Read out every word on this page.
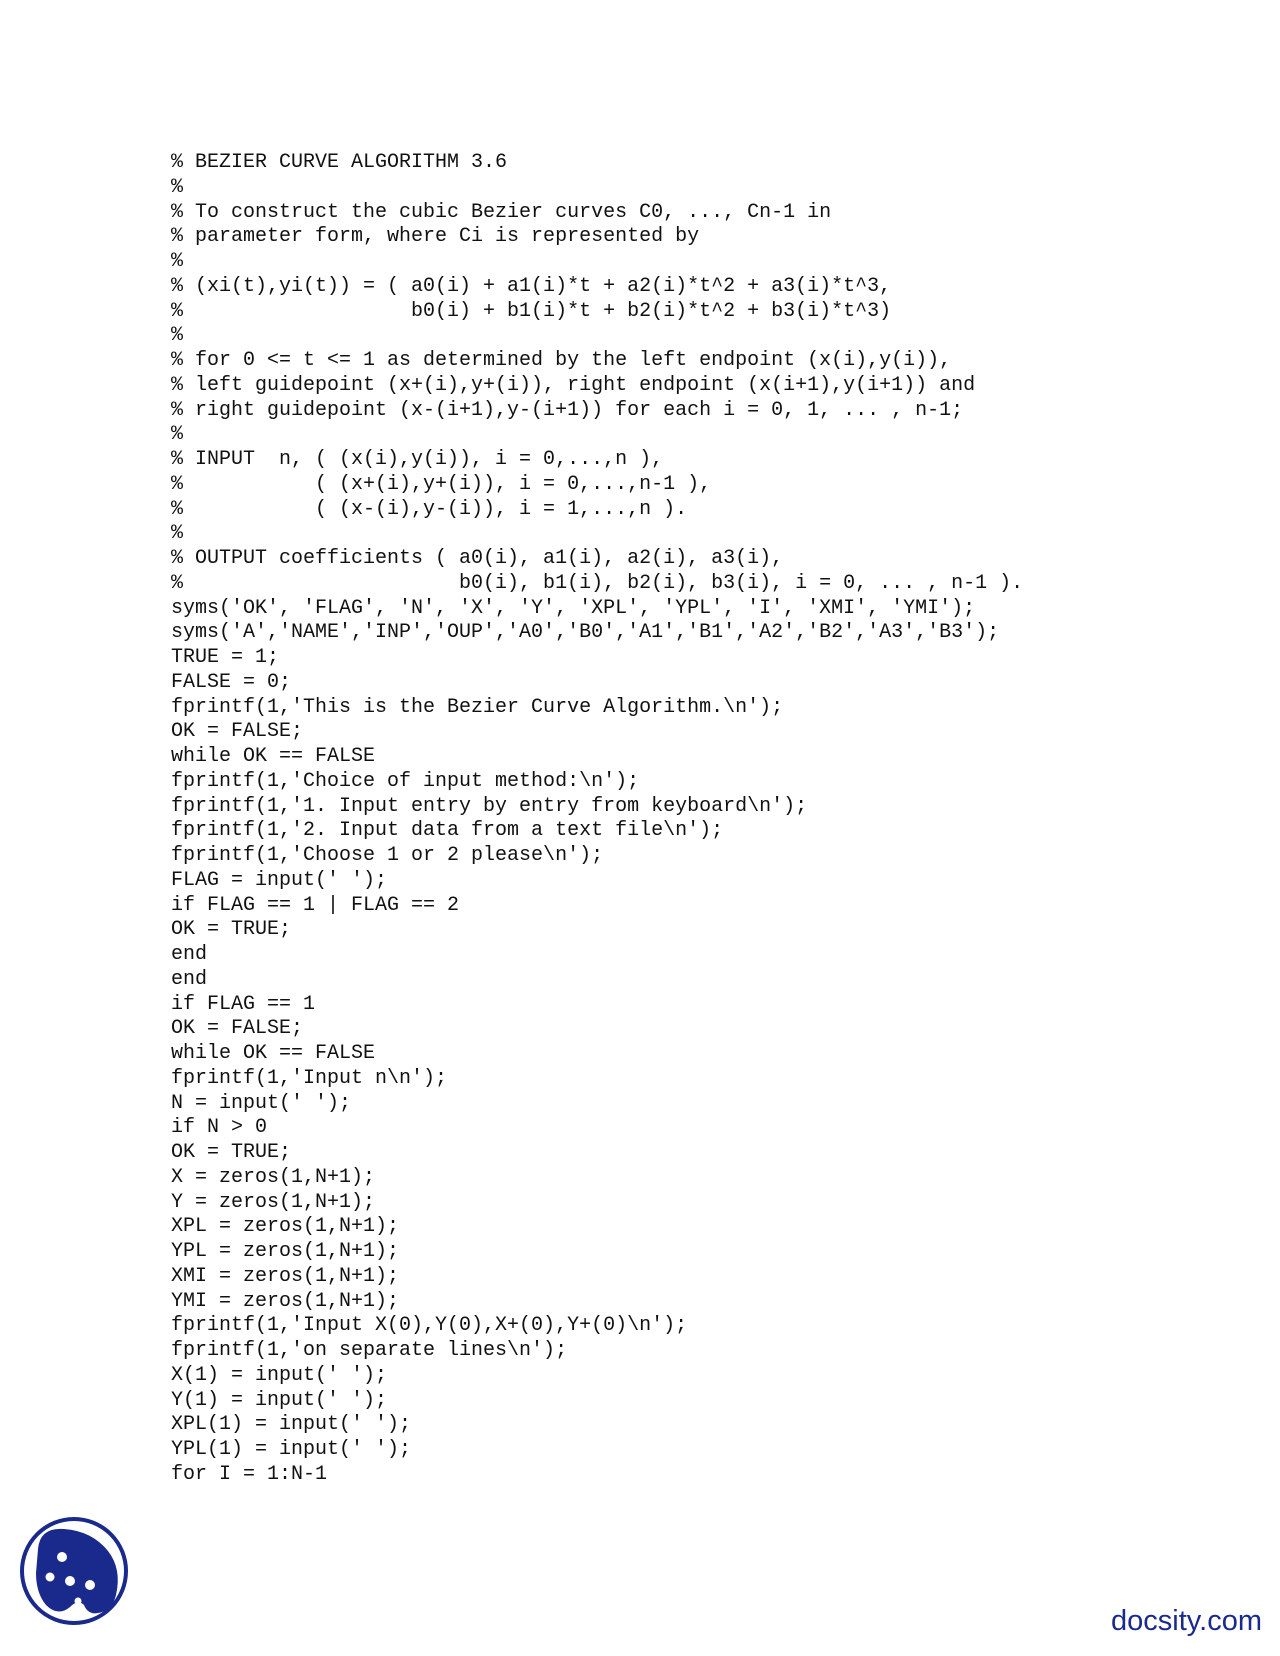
% BEZIER CURVE ALGORITHM 3.6
%
% To construct the cubic Bezier curves C0, ..., Cn-1 in
% parameter form, where Ci is represented by
%
% (xi(t),yi(t)) = ( a0(i) + a1(i)*t + a2(i)*t^2 + a3(i)*t^3,
%                   b0(i) + b1(i)*t + b2(i)*t^2 + b3(i)*t^3)
%
% for 0 <= t <= 1 as determined by the left endpoint (x(i),y(i)),
% left guidepoint (x+(i),y+(i)), right endpoint (x(i+1),y(i+1)) and
% right guidepoint (x-(i+1),y-(i+1)) for each i = 0, 1, ... , n-1;
%
% INPUT  n, ( (x(i),y(i)), i = 0,...,n ),
%           ( (x+(i),y+(i)), i = 0,...,n-1 ),
%           ( (x-(i),y-(i)), i = 1,...,n ).
%
% OUTPUT coefficients ( a0(i), a1(i), a2(i), a3(i),
%                       b0(i), b1(i), b2(i), b3(i), i = 0, ... , n-1 ).
syms('OK', 'FLAG', 'N', 'X', 'Y', 'XPL', 'YPL', 'I', 'XMI', 'YMI');
syms('A','NAME','INP','OUP','A0','B0','A1','B1','A2','B2','A3','B3');
TRUE = 1;
FALSE = 0;
fprintf(1,'This is the Bezier Curve Algorithm.\n');
OK = FALSE;
while OK == FALSE
fprintf(1,'Choice of input method:\n');
fprintf(1,'1. Input entry by entry from keyboard\n');
fprintf(1,'2. Input data from a text file\n');
fprintf(1,'Choose 1 or 2 please\n');
FLAG = input(' ');
if FLAG == 1 | FLAG == 2
OK = TRUE;
end
end
if FLAG == 1
OK = FALSE;
while OK == FALSE
fprintf(1,'Input n\n');
N = input(' ');
if N > 0
OK = TRUE;
X = zeros(1,N+1);
Y = zeros(1,N+1);
XPL = zeros(1,N+1);
YPL = zeros(1,N+1);
XMI = zeros(1,N+1);
YMI = zeros(1,N+1);
fprintf(1,'Input X(0),Y(0),X+(0),Y+(0)\n');
fprintf(1,'on separate lines\n');
X(1) = input(' ');
Y(1) = input(' ');
XPL(1) = input(' ');
YPL(1) = input(' ');
for I = 1:N-1
docsity.com
